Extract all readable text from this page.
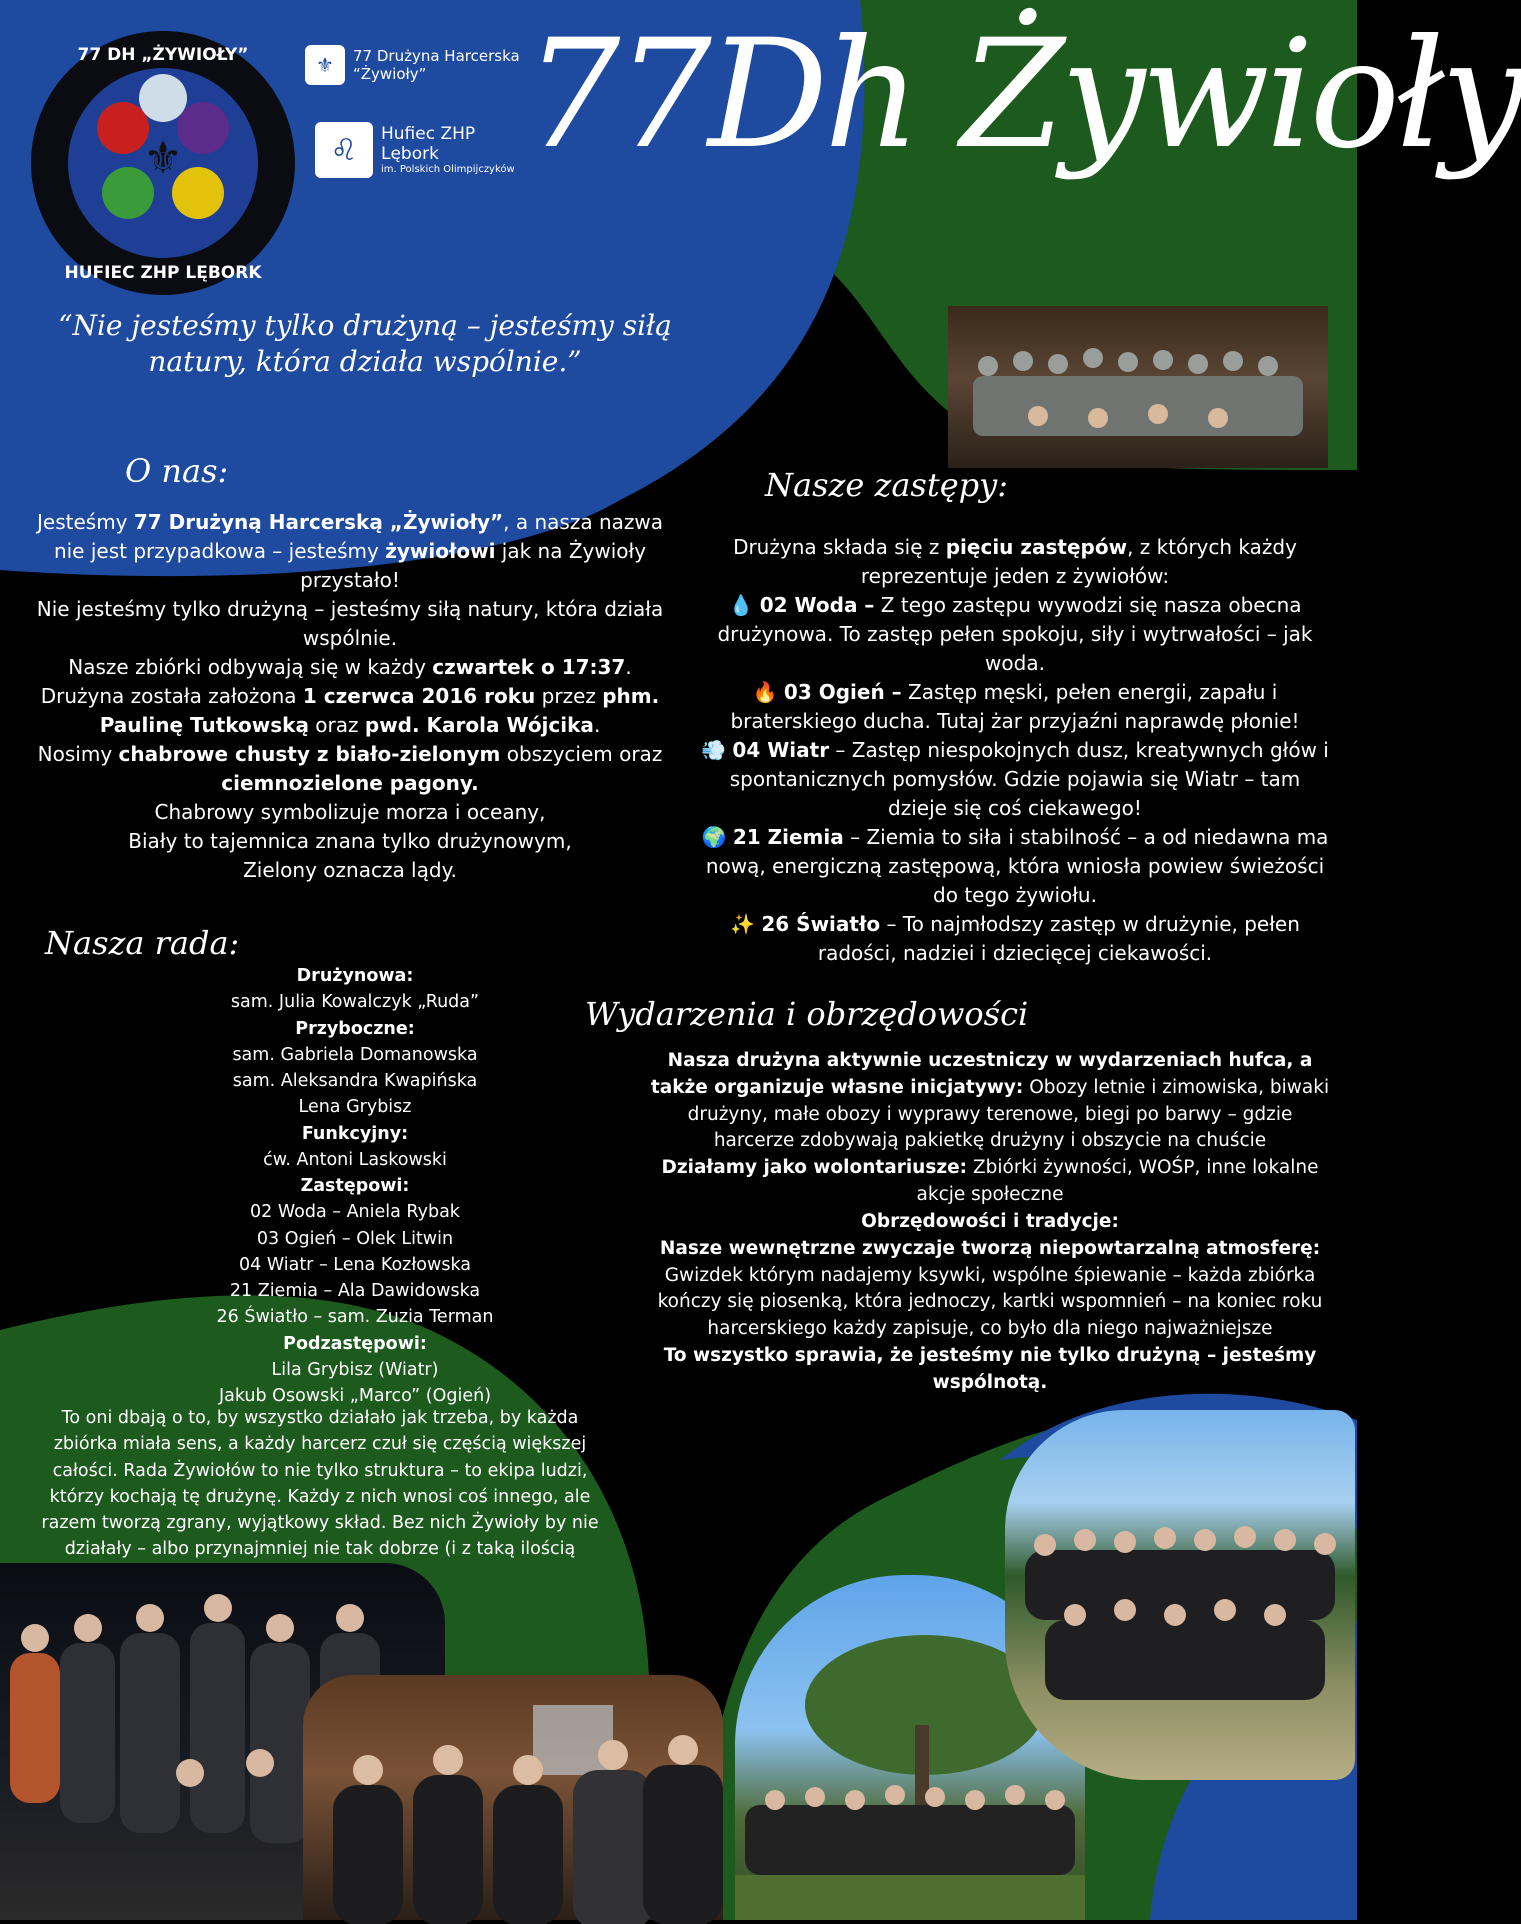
⚜
77 DH „ŻYWIOŁY”
HUFIEC ZHP LĘBORK
⚜	77 Drużyna Harcerska
“Żywioły”
♌	Hufiec ZHP
Lębork
im. Polskich Olimpijczyków 77Dh Żywioły
“Nie jesteśmy tylko drużyną – jesteśmy siłą natury, która działa wspólnie.”
O nas:

Jesteśmy 77 Drużyną Harcerską „Żywioły”, a nasza nazwa nie jest przypadkowa – jesteśmy żywiołowi jak na Żywioły przystało!

Nie jesteśmy tylko drużyną – jesteśmy siłą natury, która działa wspólnie.

Nasze zbiórki odbywają się w każdy czwartek o 17:37.

Drużyna została założona 1 czerwca 2016 roku przez phm. Paulinę Tutkowską oraz pwd. Karola Wójcika.

Nosimy chabrowe chusty z biało-zielonym obszyciem oraz ciemnozielone pagony.

Chabrowy symbolizuje morza i oceany,

Biały to tajemnica znana tylko drużynowym,

Zielony oznacza lądy.

Nasza rada:

Drużynowa:

sam. Julia Kowalczyk „Ruda”

Przyboczne:

sam. Gabriela Domanowska

sam. Aleksandra Kwapińska

Lena Grybisz

Funkcyjny:

ćw. Antoni Laskowski

Zastępowi:

02 Woda – Aniela Rybak

03 Ogień – Olek Litwin

04 Wiatr – Lena Kozłowska

21 Ziemia – Ala Dawidowska

26 Światło – sam. Zuzia Terman

Podzastępowi:

Lila Grybisz (Wiatr)

Jakub Osowski „Marco” (Ogień)

To oni dbają o to, by wszystko działało jak trzeba, by każda zbiórka miała sens, a każdy harcerz czuł się częścią większej całości. Rada Żywiołów to nie tylko struktura – to ekipa ludzi, którzy kochają tę drużynę. Każdy z nich wnosi coś innego, ale razem tworzą zgrany, wyjątkowy skład. Bez nich Żywioły by nie działały – albo przynajmniej nie tak dobrze (i z taką ilością
Nasze zastępy:

Drużyna składa się z pięciu zastępów, z których każdy reprezentuje jeden z żywiołów:

💧 02 Woda – Z tego zastępu wywodzi się nasza obecna drużynowa. To zastęp pełen spokoju, siły i wytrwałości – jak woda.

🔥 03 Ogień – Zastęp męski, pełen energii, zapału i braterskiego ducha. Tutaj żar przyjaźni naprawdę płonie!

💨 04 Wiatr – Zastęp niespokojnych dusz, kreatywnych głów i spontanicznych pomysłów. Gdzie pojawia się Wiatr – tam dzieje się coś ciekawego!

🌍 21 Ziemia – Ziemia to siła i stabilność – a od niedawna ma nową, energiczną zastępową, która wniosła powiew świeżości do tego żywiołu.

✨ 26 Światło – To najmłodszy zastęp w drużynie, pełen radości, nadziei i dziecięcej ciekawości.

Wydarzenia i obrzędowości

Nasza drużyna aktywnie uczestniczy w wydarzeniach hufca, a także organizuje własne inicjatywy: Obozy letnie i zimowiska, biwaki drużyny, małe obozy i wyprawy terenowe, biegi po barwy – gdzie harcerze zdobywają pakietkę drużyny i obszycie na chuście

Działamy jako wolontariusze: Zbiórki żywności, WOŚP, inne lokalne akcje społeczne

Obrzędowości i tradycje:

Nasze wewnętrzne zwyczaje tworzą niepowtarzalną atmosferę:

Gwizdek którym nadajemy ksywki, wspólne śpiewanie – każda zbiórka kończy się piosenką, która jednoczy, kartki wspomnień – na koniec roku harcerskiego każdy zapisuje, co było dla niego najważniejsze

To wszystko sprawia, że jesteśmy nie tylko drużyną – jesteśmy wspólnotą.
